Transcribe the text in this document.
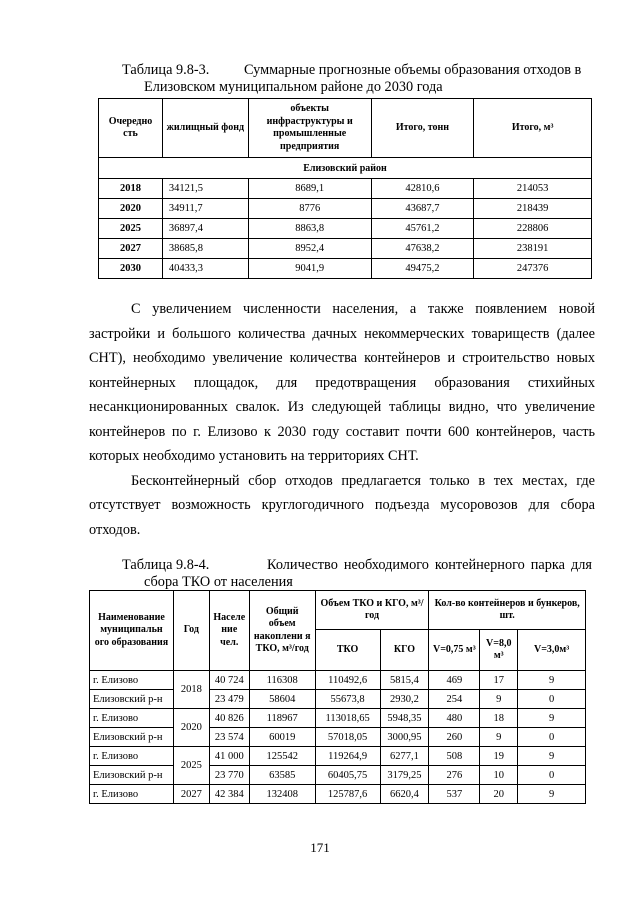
Таблица 9.8-3.	Суммарные прогнозные объемы образования отходов в
Елизовском муниципальном районе до 2030 года
Очередно сть	жилищный фонд	объекты инфраструктуры и промышленные предприятия	Итого, тонн	Итого, м³
Елизовский район				
2018	34121,5	8689,1	42810,6	214053
2020	34911,7	8776	43687,7	218439
2025	36897,4	8863,8	45761,2	228806
2027	38685,8	8952,4	47638,2	238191
2030	40433,3	9041,9	49475,2	247376

С увеличением численности населения, а также появлением новой застройки и большого количества дачных некоммерческих товариществ (далее СНТ), необходимо увеличение количества контейнеров и строительство новых контейнерных площадок, для предотвращения образования стихийных несанкционированных свалок. Из следующей таблицы видно, что увеличение контейнеров по г. Елизово к 2030 году составит почти 600 контейнеров, часть которых необходимо установить на территориях СНТ.

Бесконтейнерный сбор отходов предлагается только в тех местах, где отсутствует возможность круглогодичного подъезда мусоровозов для сбора отходов.

Таблица 9.8-4.	Количество необходимого контейнерного парка для
сбора ТКО от населения
Наименование муниципальн ого образования	Год	Населе ние чел.	Общий объем накоплени я ТКО, м³/год	Объем ТКО и КГО, м³/год		Кол-во контейнеров и бункеров, шт.		
				ТКО	КГО	V=0,75 м³	V=8,0 м³	V=3,0м³
г. Елизово	2018	40 724	116308	110492,6	5815,4	469	17	9
Елизовский р-н		23 479	58604	55673,8	2930,2	254	9	0
г. Елизово	2020	40 826	118967	113018,65	5948,35	480	18	9
Елизовский р-н		23 574	60019	57018,05	3000,95	260	9	0
г. Елизово	2025	41 000	125542	119264,9	6277,1	508	19	9
Елизовский р-н		23 770	63585	60405,75	3179,25	276	10	0
г. Елизово	2027	42 384	132408	125787,6	6620,4	537	20	9
171
